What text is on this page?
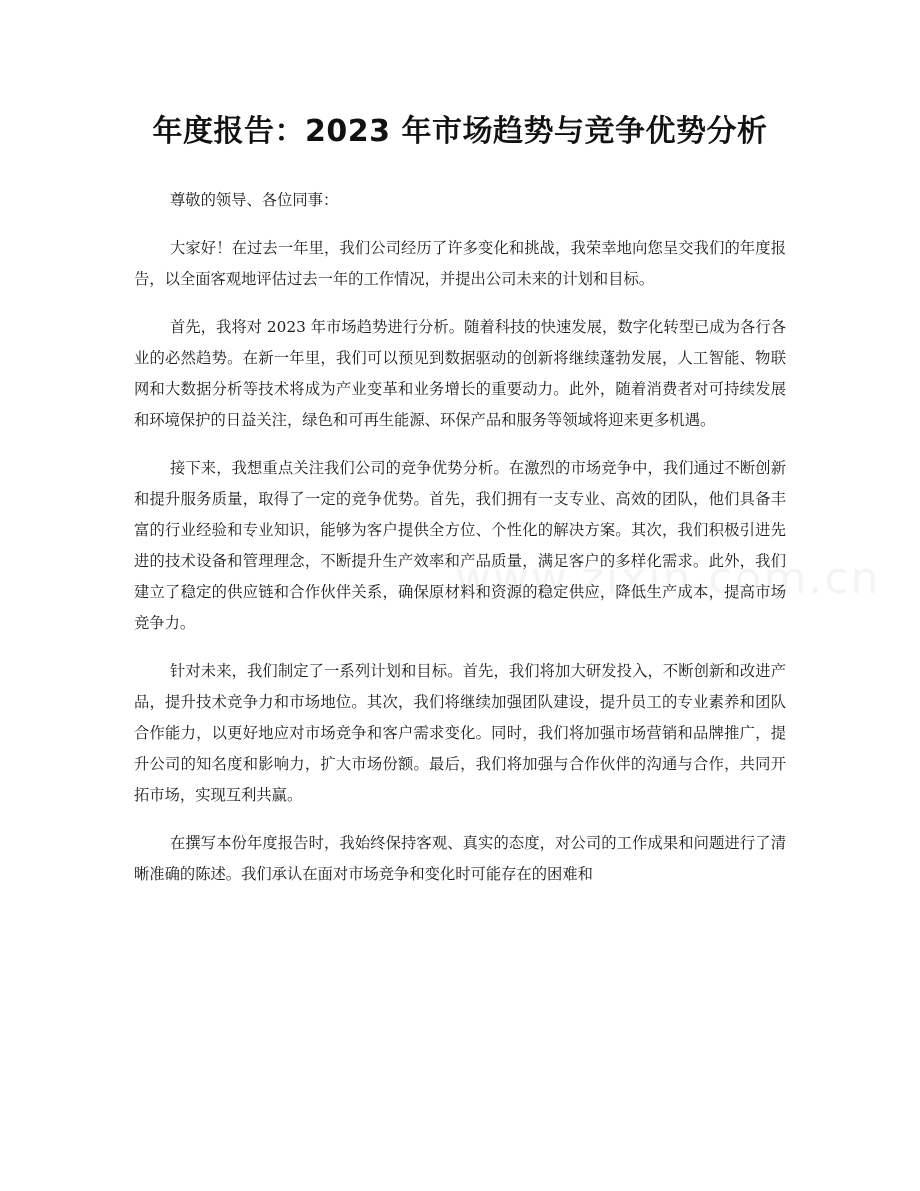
年度报告：2023 年市场趋势与竞争优势分析

尊敬的领导、各位同事：

大家好！在过去一年里，我们公司经历了许多变化和挑战，我荣幸地向您呈交我们的年度报告，以全面客观地评估过去一年的工作情况，并提出公司未来的计划和目标。

首先，我将对 2023 年市场趋势进行分析。随着科技的快速发展，数字化转型已成为各行各业的必然趋势。在新一年里，我们可以预见到数据驱动的创新将继续蓬勃发展，人工智能、物联网和大数据分析等技术将成为产业变革和业务增长的重要动力。此外，随着消费者对可持续发展和环境保护的日益关注，绿色和可再生能源、环保产品和服务等领域将迎来更多机遇。

接下来，我想重点关注我们公司的竞争优势分析。在激烈的市场竞争中，我们通过不断创新和提升服务质量，取得了一定的竞争优势。首先，我们拥有一支专业、高效的团队，他们具备丰富的行业经验和专业知识，能够为客户提供全方位、个性化的解决方案。其次，我们积极引进先进的技术设备和管理理念，不断提升生产效率和产品质量，满足客户的多样化需求。此外，我们建立了稳定的供应链和合作伙伴关系，确保原材料和资源的稳定供应，降低生产成本，提高市场竞争力。

针对未来，我们制定了一系列计划和目标。首先，我们将加大研发投入，不断创新和改进产品，提升技术竞争力和市场地位。其次，我们将继续加强团队建设，提升员工的专业素养和团队合作能力，以更好地应对市场竞争和客户需求变化。同时，我们将加强市场营销和品牌推广，提升公司的知名度和影响力，扩大市场份额。最后，我们将加强与合作伙伴的沟通与合作，共同开拓市场，实现互利共赢。

在撰写本份年度报告时，我始终保持客观、真实的态度，对公司的工作成果和问题进行了清晰准确的陈述。我们承认在面对市场竞争和变化时可能存在的困难和
